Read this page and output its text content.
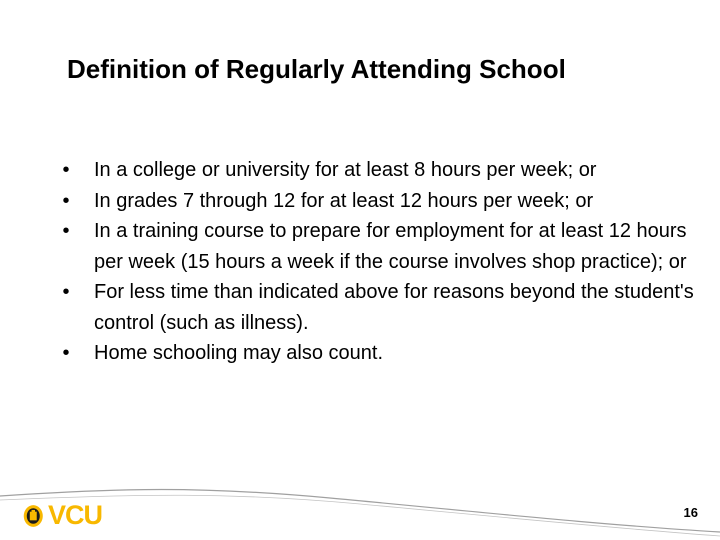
Definition of Regularly Attending School
• In a college or university for at least 8 hours per week; or
• In grades 7 through 12 for at least 12 hours per week; or
• In a training course to prepare for employment for at least 12 hours per week (15 hours a week if the course involves shop practice); or
• For less time than indicated above for reasons beyond the student's control (such as illness).
• Home schooling may also count.
VCU	16
